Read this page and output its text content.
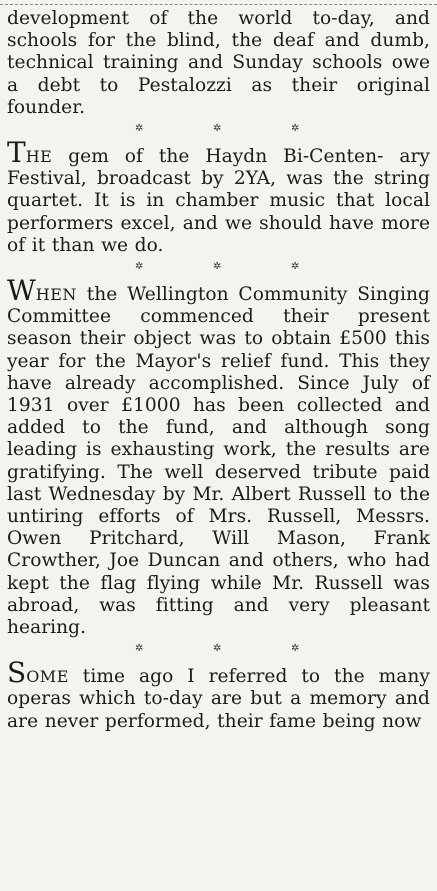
development of the world to-day, and schools for the blind, the deaf and dumb, technical training and Sunday schools owe a debt to Pestalozzi as their original founder.

✲	✲	✲

THE gem of the Haydn Bi-Centen- ary Festival, broadcast by 2YA, was the string quartet. It is in chamber music that local performers excel, and we should have more of it than we do.

✲	✲	✲

WHEN the Wellington Community Singing Committee commenced their present season their object was to obtain £500 this year for the Mayor's relief fund. This they have already accomplished. Since July of 1931 over £1000 has been collected and added to the fund, and although song leading is exhausting work, the results are gratifying. The well deserved tribute paid last Wednesday by Mr. Albert Russell to the untiring efforts of Mrs. Russell, Messrs. Owen Pritchard, Will Mason, Frank Crowther, Joe Duncan and others, who had kept the flag flying while Mr. Russell was abroad, was fitting and very pleasant hearing.

✲	✲	✲

SOME time ago I referred to the many operas which to-day are but a memory and are never performed, their fame being now
